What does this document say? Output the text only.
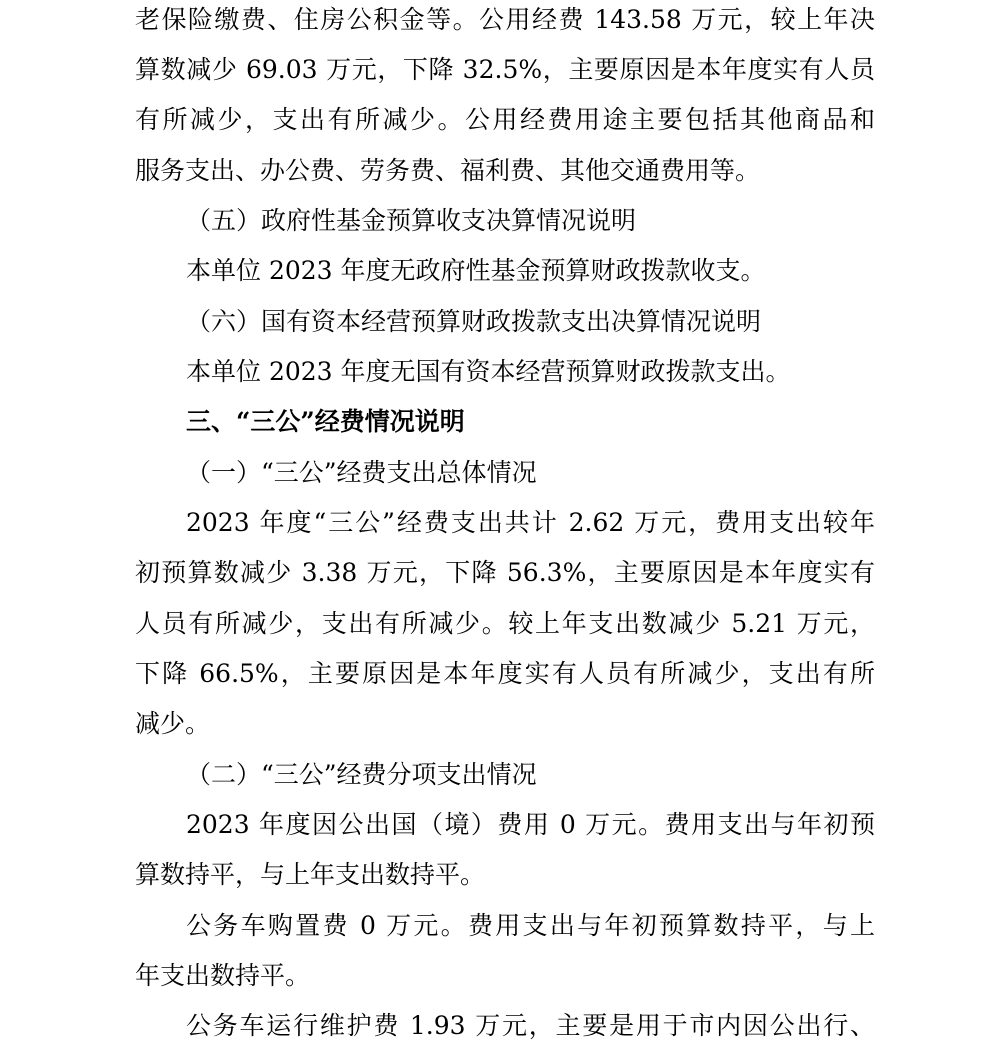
老保险缴费、住房公积金等。公用经费 143.58 万元，较上年决
算数减少 69.03 万元，下降 32.5%，主要原因是本年度实有人员
有所减少，支出有所减少。公用经费用途主要包括其他商品和
服务支出、办公费、劳务费、福利费、其他交通费用等。
（五）政府性基金预算收支决算情况说明
本单位 2023 年度无政府性基金预算财政拨款收支。
（六）国有资本经营预算财政拨款支出决算情况说明
本单位 2023 年度无国有资本经营预算财政拨款支出。
三、“三公”经费情况说明
（一）“三公”经费支出总体情况
2023 年度“三公”经费支出共计 2.62 万元，费用支出较年
初预算数减少 3.38 万元，下降 56.3%，主要原因是本年度实有
人员有所减少，支出有所减少。较上年支出数减少 5.21 万元，
下降 66.5%，主要原因是本年度实有人员有所减少，支出有所
减少。
（二）“三公”经费分项支出情况
2023 年度因公出国（境）费用 0 万元。费用支出与年初预
算数持平，与上年支出数持平。
公务车购置费 0 万元。费用支出与年初预算数持平，与上
年支出数持平。
公务车运行维护费 1.93 万元，主要是用于市内因公出行、
